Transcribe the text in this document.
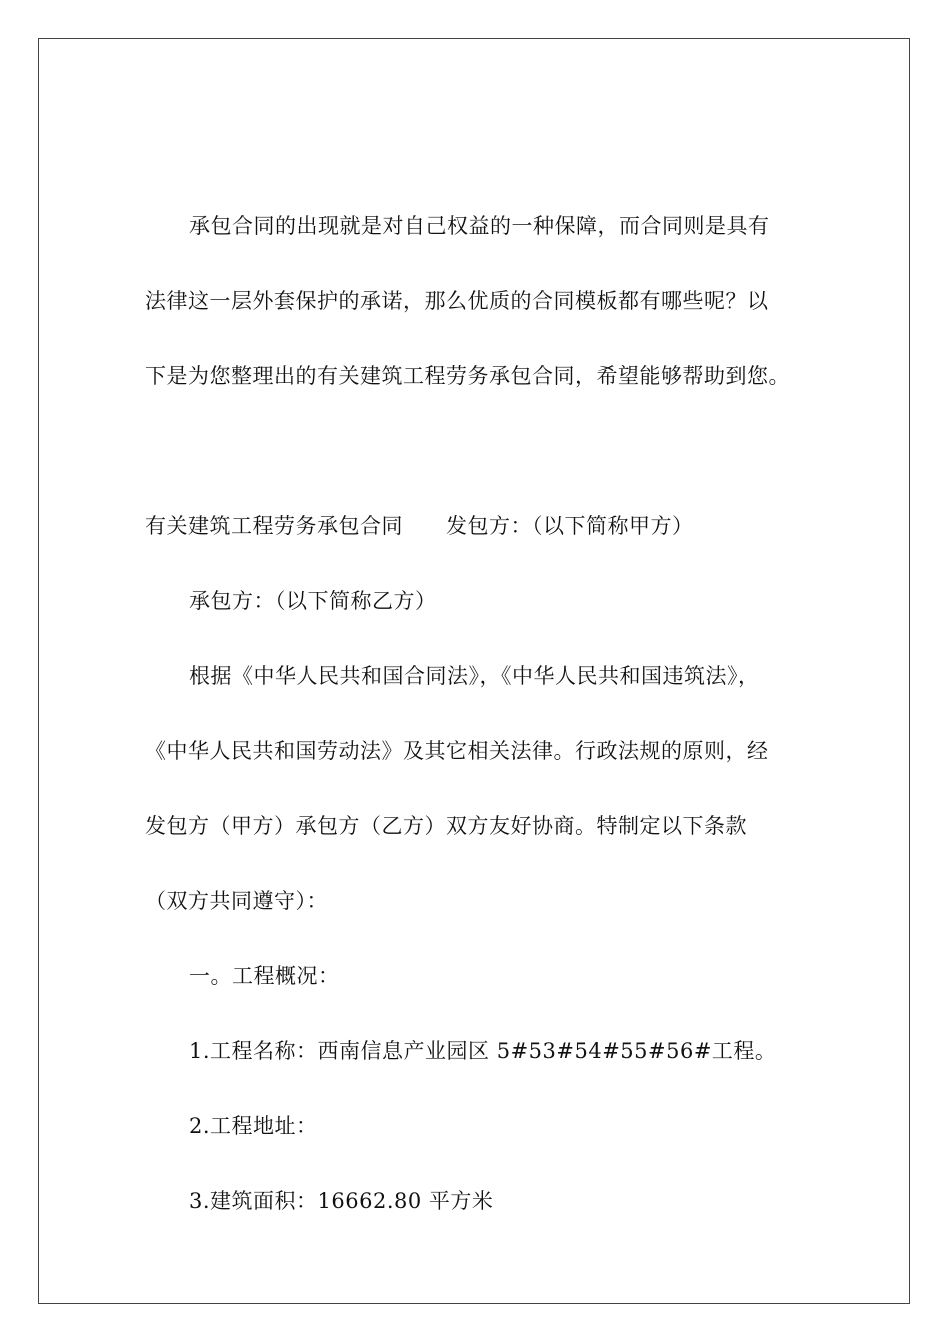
承包合同的出现就是对自己权益的一种保障，而合同则是具有
法律这一层外套保护的承诺，那么优质的合同模板都有哪些呢？以
下是为您整理出的有关建筑工程劳务承包合同，希望能够帮助到您。
有关建筑工程劳务承包合同　　发包方：（以下简称甲方）
承包方：（以下简称乙方）
根据《中华人民共和国合同法》，《中华人民共和国违筑法》，
《中华人民共和国劳动法》及其它相关法律。行政法规的原则，经
发包方（甲方）承包方（乙方）双方友好协商。特制定以下条款
（双方共同遵守）：
一。工程概况：
1.工程名称：西南信息产业园区 5#53#54#55#56#工程。
2.工程地址：
3.建筑面积：16662.80 平方米
